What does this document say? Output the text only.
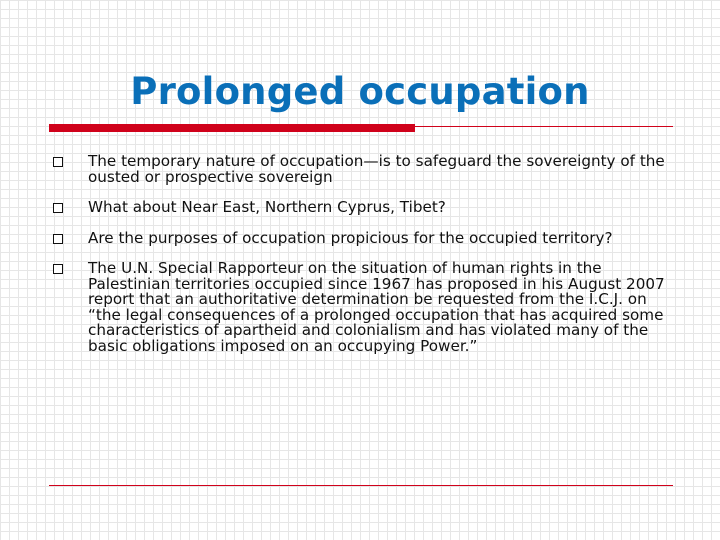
Prolonged occupation
The temporary nature of occupation—is to safeguard the sovereignty of the ousted or prospective sovereign
What about Near East, Northern Cyprus, Tibet?
Are the purposes of occupation propicious for the occupied territory?
The U.N. Special Rapporteur on the situation of human rights in the Palestinian territories occupied since 1967 has proposed in his August 2007 report that an authoritative determination be requested from the I.C.J. on “the legal consequences of a prolonged occupation that has acquired some characteristics of apartheid and colonialism and has violated many of the basic obligations imposed on an occupying Power.”
